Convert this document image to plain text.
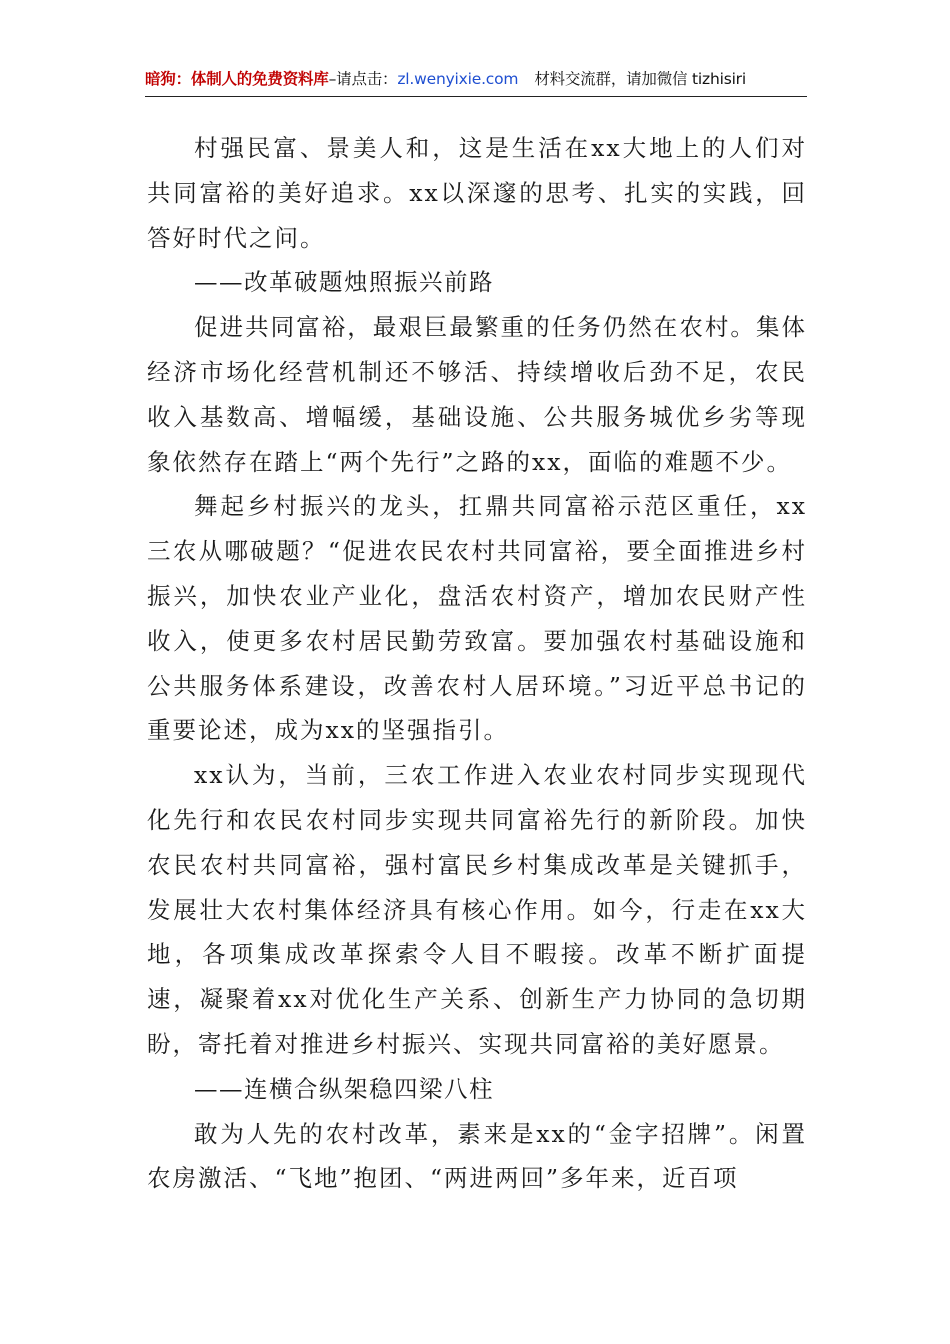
暗狗：体制人的免费资料库–请点击：zl.wenyixie.com 材料交流群，请加微信 tizhisiri

村强民富、景美人和，这是生活在xx大地上的人们对共同富裕的美好追求。xx以深邃的思考、扎实的实践，回答好时代之问。

——改革破题烛照振兴前路

促进共同富裕，最艰巨最繁重的任务仍然在农村。集体经济市场化经营机制还不够活、持续增收后劲不足，农民收入基数高、增幅缓，基础设施、公共服务城优乡劣等现象依然存在踏上“两个先行”之路的xx，面临的难题不少。

舞起乡村振兴的龙头，扛鼎共同富裕示范区重任，xx三农从哪破题？“促进农民农村共同富裕，要全面推进乡村振兴，加快农业产业化，盘活农村资产，增加农民财产性收入，使更多农村居民勤劳致富。要加强农村基础设施和公共服务体系建设，改善农村人居环境。”习近平总书记的重要论述，成为xx的坚强指引。

xx认为，当前，三农工作进入农业农村同步实现现代化先行和农民农村同步实现共同富裕先行的新阶段。加快农民农村共同富裕，强村富民乡村集成改革是关键抓手，发展壮大农村集体经济具有核心作用。如今，行走在xx大地，各项集成改革探索令人目不暇接。改革不断扩面提速，凝聚着xx对优化生产关系、创新生产力协同的急切期盼，寄托着对推进乡村振兴、实现共同富裕的美好愿景。

——连横合纵架稳四梁八柱

敢为人先的农村改革，素来是xx的“金字招牌”。闲置农房激活、“飞地”抱团、“两进两回”多年来，近百项
